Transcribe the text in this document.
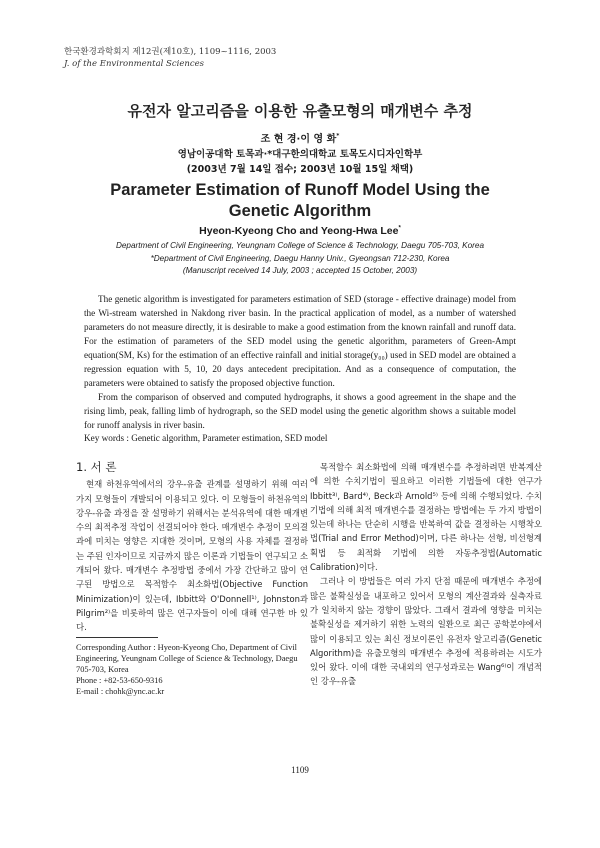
한국환경과학회지 제12권(제10호), 1109~1116, 2003
J. of the Environmental Sciences
유전자 알고리즘을 이용한 유출모형의 매개변수 추정
조 현 경·이 영 화*
영남이공대학 토목과·*대구한의대학교 토목도시디자인학부
(2003년 7월 14일 접수; 2003년 10월 15일 채택)
Parameter Estimation of Runoff Model Using the Genetic Algorithm
Hyeon-Kyeong Cho and Yeong-Hwa Lee*
Department of Civil Engineering, Yeungnam College of Science & Technology, Daegu 705-703, Korea
*Department of Civil Engineering, Daegu Hanny Univ., Gyeongsan 712-230, Korea
(Manuscript received 14 July, 2003 ; accepted 15 October, 2003)

The genetic algorithm is investigated for parameters estimation of SED (storage - effective drainage) model from the Wi-stream watershed in Nakdong river basin. In the practical application of model, as a number of watershed parameters do not measure directly, it is desirable to make a good estimation from the known rainfall and runoff data. For the estimation of parameters of the SED model using the genetic algorithm, parameters of Green-Ampt equation(SM, Ks) for the estimation of an effective rainfall and initial storage(y₀₀) used in SED model are obtained a regression equation with 5, 10, 20 days antecedent precipitation. And as a consequence of computation, the parameters were obtained to satisfy the proposed objective function.

From the comparison of observed and computed hydrographs, it shows a good agreement in the shape and the rising limb, peak, falling limb of hydrograph, so the SED model using the genetic algorithm shows a suitable model for runoff analysis in river basin.

Key words : Genetic algorithm, Parameter estimation, SED model
1. 서 론

현재 하천유역에서의 강우-유출 관계를 설명하기 위해 여러 가지 모형들이 개발되어 이용되고 있다. 이 모형들이 하천유역의 강우-유출 과정을 잘 설명하기 위해서는 분석유역에 대한 매개변수의 최적추정 작업이 선결되어야 한다. 매개변수 추정이 모의결과에 미치는 영향은 지대한 것이며, 모형의 사용 자체를 결정하는 주된 인자이므로 지금까지 많은 이론과 기법들이 연구되고 소개되어 왔다. 매개변수 추정방법 중에서 가장 간단하고 많이 연구된 방법으로 목적함수 최소화법(Objective Function Minimization)이 있는데, Ibbitt와 O'Donnell¹⁾, Johnston과 Pilgrim²⁾을 비롯하여 많은 연구자들이 이에 대해 연구한 바 있다.

Corresponding Author : Hyeon-Kyeong Cho, Department of Civil Engineering, Yeungnam College of Science & Technology, Daegu 705-703, Korea
Phone : +82-53-650-9316
E-mail : chohk@ync.ac.kr

목적함수 최소화법에 의해 매개변수를 추정하려면 반복계산에 의한 수치기법이 필요하고 이러한 기법들에 대한 연구가 Ibbitt³⁾, Bard⁴⁾, Beck과 Arnold⁵⁾ 등에 의해 수행되었다. 수치기법에 의해 최적 매개변수를 결정하는 방법에는 두 가지 방법이 있는데 하나는 단순히 시행을 반복하여 값을 결정하는 시행착오법(Trial and Error Method)이며, 다른 하나는 선형, 비선형계획법 등 최적화 기법에 의한 자동추정법(Automatic Calibration)이다.

그러나 이 방법들은 여러 가지 단점 때문에 매개변수 추정에 많은 불확실성을 내포하고 있어서 모형의 계산결과와 실측자료가 일치하지 않는 경향이 많았다. 그래서 결과에 영향을 미치는 불확실성을 제거하기 위한 노력의 일환으로 최근 공학분야에서 많이 이용되고 있는 최신 정보이론인 유전자 알고리즘(Genetic Algorithm)을 유출모형의 매개변수 추정에 적용하려는 시도가 있어 왔다. 이에 대한 국내외의 연구성과로는 Wang⁶⁾이 개념적인 강우-유출

1109
